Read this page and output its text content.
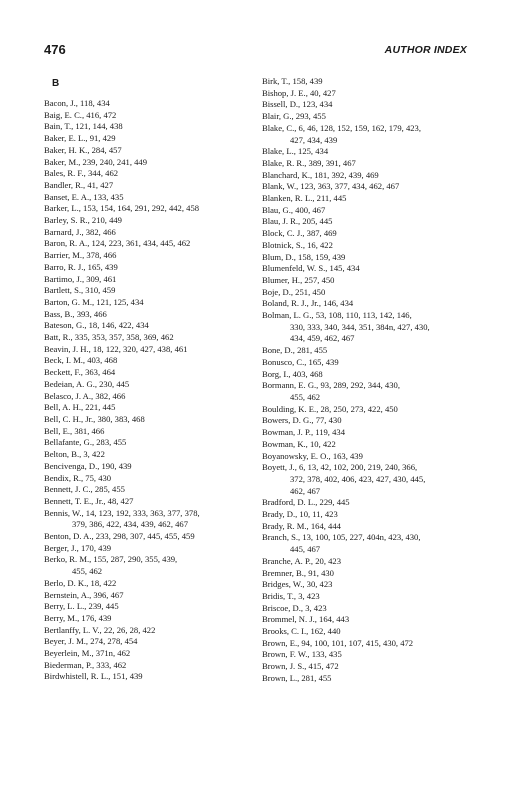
476	AUTHOR INDEX
B
Bacon, J., 118, 434
Baig, E. C., 416, 472
Bain, T., 121, 144, 438
Baker, E. L., 91, 429
Baker, H. K., 284, 457
Baker, M., 239, 240, 241, 449
Bales, R. F., 344, 462
Bandler, R., 41, 427
Banset, E. A., 133, 435
Barker, L., 153, 154, 164, 291, 292, 442, 458
Barley, S. R., 210, 449
Barnard, J., 382, 466
Baron, R. A., 124, 223, 361, 434, 445, 462
Barrier, M., 378, 466
Barro, R. J., 165, 439
Bartimo, J., 309, 461
Bartlett, S., 310, 459
Barton, G. M., 121, 125, 434
Bass, B., 393, 466
Bateson, G., 18, 146, 422, 434
Batt, R., 335, 353, 357, 358, 369, 462
Beavin, J. H., 18, 122, 320, 427, 438, 461
Beck, I. M., 403, 468
Beckett, F., 363, 464
Bedeian, A. G., 230, 445
Belasco, J. A., 382, 466
Bell, A. H., 221, 445
Bell, C. H., Jr., 380, 383, 468
Bell, E., 381, 466
Bellafante, G., 283, 455
Belton, B., 3, 422
Bencivenga, D., 190, 439
Bendix, R., 75, 430
Bennett, J. C., 285, 455
Bennett, T. E., Jr., 48, 427
Bennis, W., 14, 123, 192, 333, 363, 377, 378,
379, 386, 422, 434, 439, 462, 467
Benton, D. A., 233, 298, 307, 445, 455, 459
Berger, J., 170, 439
Berko, R. M., 155, 287, 290, 355, 439,
455, 462
Berlo, D. K., 18, 422
Bernstein, A., 396, 467
Berry, L. L., 239, 445
Berry, M., 176, 439
Bertlanffy, L. V., 22, 26, 28, 422
Beyer, J. M., 274, 278, 454
Beyerlein, M., 371n, 462
Biederman, P., 333, 462
Birdwhistell, R. L., 151, 439
Birk, T., 158, 439
Bishop, J. E., 40, 427
Bissell, D., 123, 434
Blair, G., 293, 455
Blake, C., 6, 46, 128, 152, 159, 162, 179, 423,
427, 434, 439
Blake, L., 125, 434
Blake, R. R., 389, 391, 467
Blanchard, K., 181, 392, 439, 469
Blank, W., 123, 363, 377, 434, 462, 467
Blanken, R. L., 211, 445
Blau, G., 400, 467
Blau, J. R., 205, 445
Block, C. J., 387, 469
Blotnick, S., 16, 422
Blum, D., 158, 159, 439
Blumenfeld, W. S., 145, 434
Blumer, H., 257, 450
Boje, D., 251, 450
Boland, R. J., Jr., 146, 434
Bolman, L. G., 53, 108, 110, 113, 142, 146,
330, 333, 340, 344, 351, 384n, 427, 430,
434, 459, 462, 467
Bone, D., 281, 455
Bonusco, C., 165, 439
Borg, I., 403, 468
Bormann, E. G., 93, 289, 292, 344, 430,
455, 462
Boulding, K. E., 28, 250, 273, 422, 450
Bowers, D. G., 77, 430
Bowman, J. P., 119, 434
Bowman, K., 10, 422
Boyanowsky, E. O., 163, 439
Boyett, J., 6, 13, 42, 102, 200, 219, 240, 366,
372, 378, 402, 406, 423, 427, 430, 445,
462, 467
Bradford, D. L., 229, 445
Brady, D., 10, 11, 423
Brady, R. M., 164, 444
Branch, S., 13, 100, 105, 227, 404n, 423, 430,
445, 467
Branche, A. P., 20, 423
Bremner, B., 91, 430
Bridges, W., 30, 423
Bridis, T., 3, 423
Briscoe, D., 3, 423
Brommel, N. J., 164, 443
Brooks, C. I., 162, 440
Brown, E., 94, 100, 101, 107, 415, 430, 472
Brown, F. W., 133, 435
Brown, J. S., 415, 472
Brown, L., 281, 455
